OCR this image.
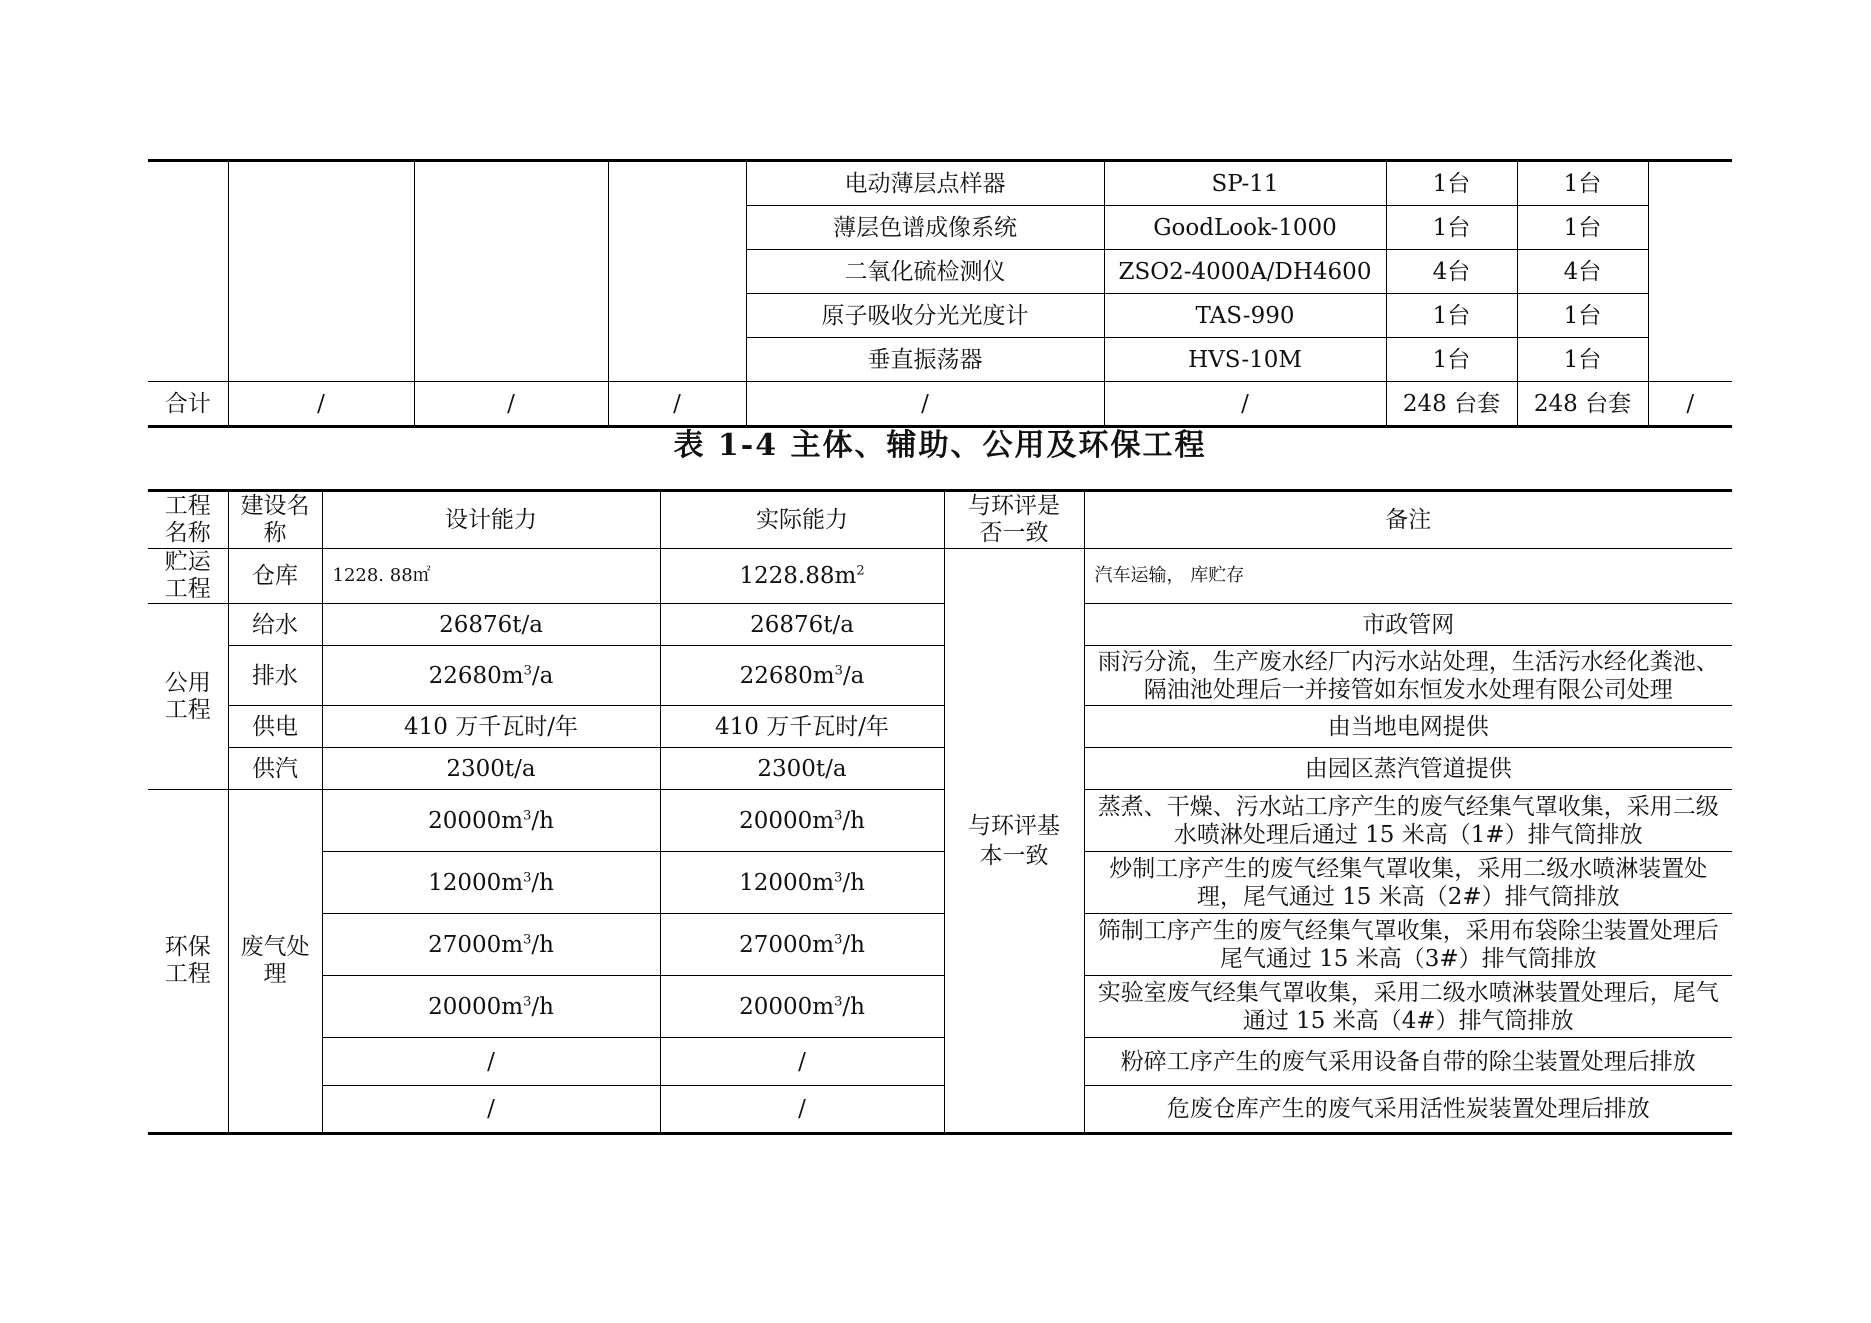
				电动薄层点样器	SP-11	1台	1台	
				薄层色谱成像系统	GoodLook-1000	1台	1台	
				二氧化硫检测仪	ZSO2-4000A/DH4600	4台	4台	
				原子吸收分光光度计	TAS-990	1台	1台	
				垂直振荡器	HVS-10M	1台	1台	
合计	/	/	/	/	/	248 台套	248 台套	/
表 1-4 主体、辅助、公用及环保工程
工程名称	建设名称	设计能力	实际能力	与环评是否一致	备注
贮运工程	仓库	1228. 88㎡	$1228.88m^2$	与环评基本一致	汽车运输， 库贮存
公用工程	给水	26876t/a	26876t/a		市政管网
	排水	$22680m^3/a$	$22680m^3/a$		雨污分流，生产废水经厂内污水站处理，生活污水经化粪池、隔油池处理后一并接管如东恒发水处理有限公司处理
	供电	410 万千瓦时/年	410 万千瓦时/年		由当地电网提供
	供汽	2300t/a	2300t/a		由园区蒸汽管道提供
环保工程	废气处理	$20000m^3/h$	$20000m^3/h$		蒸煮、干燥、污水站工序产生的废气经集气罩收集，采用二级水喷淋处理后通过 15 米高（1#）排气筒排放
		$12000m^3/h$	$12000m^3/h$		炒制工序产生的废气经集气罩收集，采用二级水喷淋装置处理，尾气通过 15 米高（2#）排气筒排放
		$27000m^3/h$	$27000m^3/h$		筛制工序产生的废气经集气罩收集，采用布袋除尘装置处理后尾气通过 15 米高（3#）排气筒排放
		$20000m^3/h$	$20000m^3/h$		实验室废气经集气罩收集，采用二级水喷淋装置处理后，尾气通过 15 米高（4#）排气筒排放
		/	/		粉碎工序产生的废气采用设备自带的除尘装置处理后排放
		/	/		危废仓库产生的废气采用活性炭装置处理后排放
